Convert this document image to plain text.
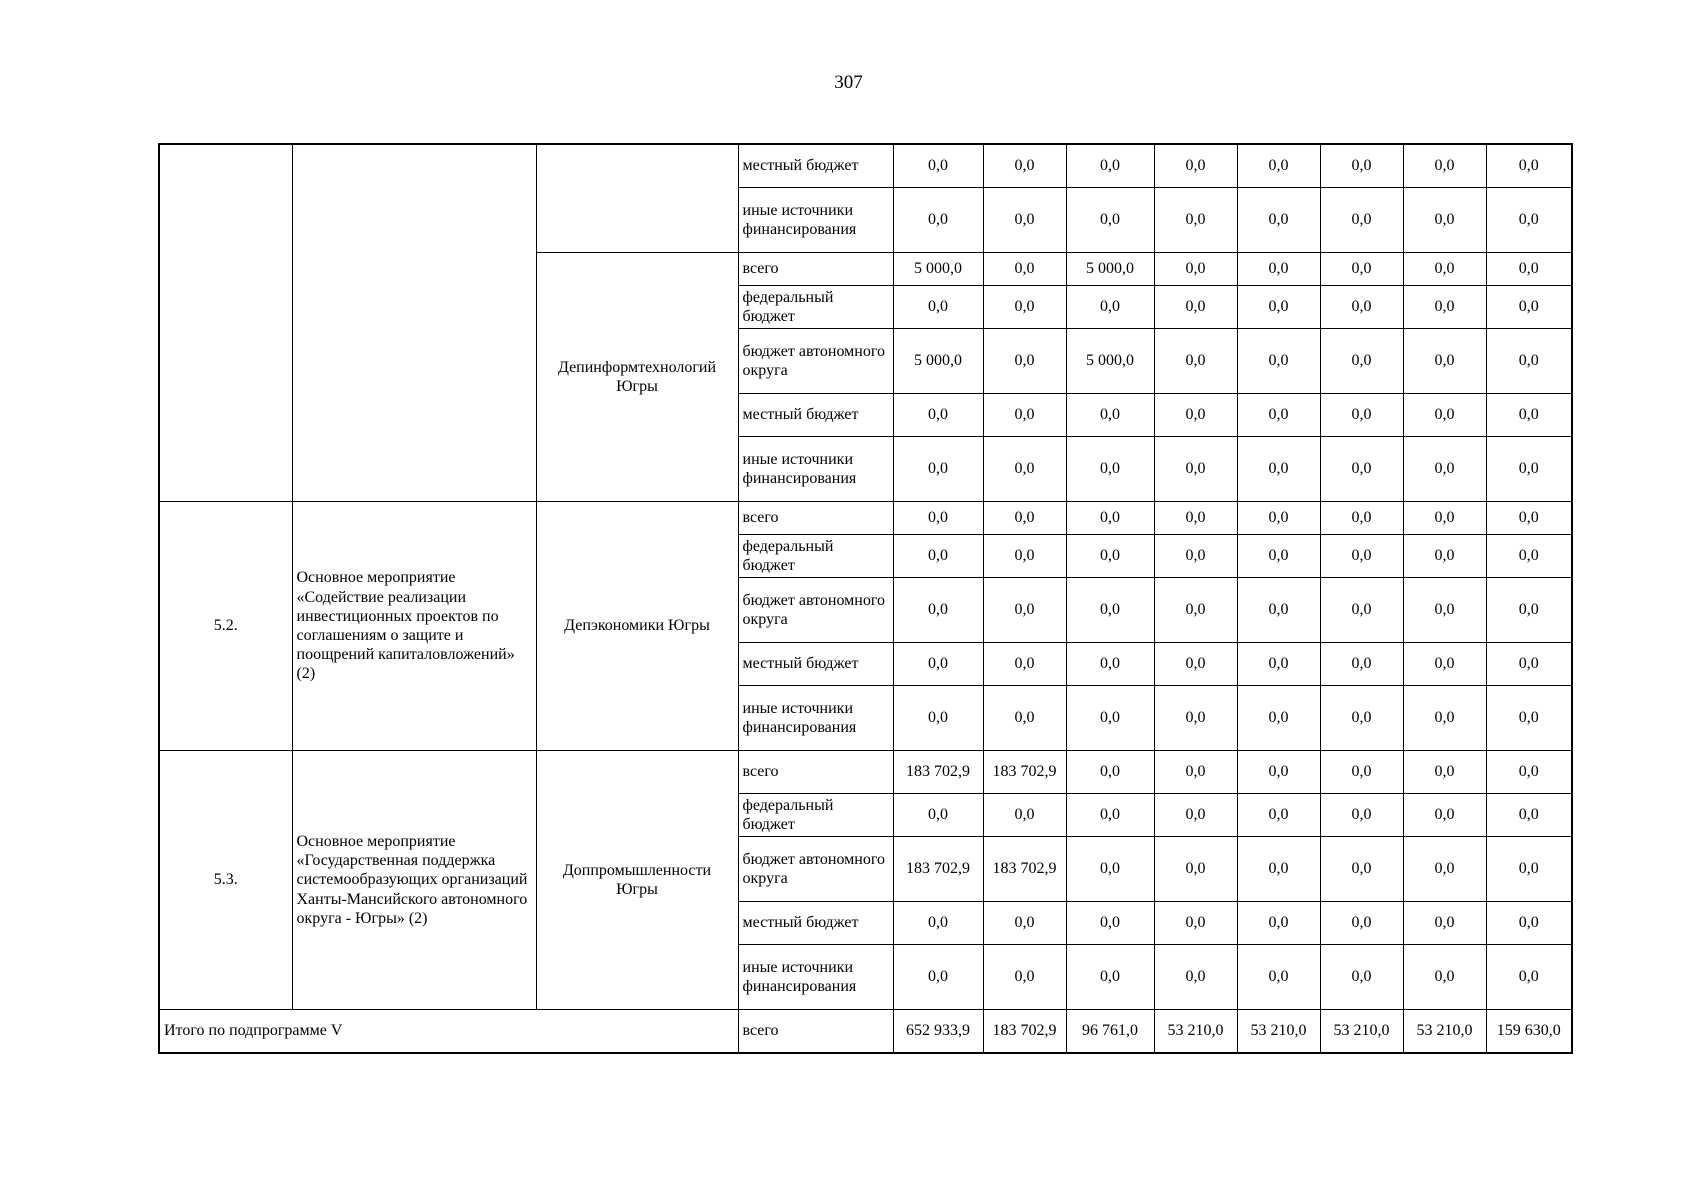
307
			местный бюджет	0,0	0,0	0,0	0,0	0,0	0,0	0,0	0,0
			иные источники финансирования	0,0	0,0	0,0	0,0	0,0	0,0	0,0	0,0
		Депинформтехнологий Югры	всего	5 000,0	0,0	5 000,0	0,0	0,0	0,0	0,0	0,0
			федеральный бюджет	0,0	0,0	0,0	0,0	0,0	0,0	0,0	0,0
			бюджет автономного округа	5 000,0	0,0	5 000,0	0,0	0,0	0,0	0,0	0,0
			местный бюджет	0,0	0,0	0,0	0,0	0,0	0,0	0,0	0,0
			иные источники финансирования	0,0	0,0	0,0	0,0	0,0	0,0	0,0	0,0
5.2.	Основное мероприятие «Содействие реализации инвестиционных проектов по соглашениям о защите и поощрений капиталовложений» (2)	Депэкономики Югры	всего	0,0	0,0	0,0	0,0	0,0	0,0	0,0	0,0
			федеральный бюджет	0,0	0,0	0,0	0,0	0,0	0,0	0,0	0,0
			бюджет автономного округа	0,0	0,0	0,0	0,0	0,0	0,0	0,0	0,0
			местный бюджет	0,0	0,0	0,0	0,0	0,0	0,0	0,0	0,0
			иные источники финансирования	0,0	0,0	0,0	0,0	0,0	0,0	0,0	0,0
5.3.	Основное мероприятие «Государственная поддержка системообразующих организаций Ханты-Мансийского автономного округа - Югры» (2)	Доппромышленности Югры	всего	183 702,9	183 702,9	0,0	0,0	0,0	0,0	0,0	0,0
			федеральный бюджет	0,0	0,0	0,0	0,0	0,0	0,0	0,0	0,0
			бюджет автономного округа	183 702,9	183 702,9	0,0	0,0	0,0	0,0	0,0	0,0
			местный бюджет	0,0	0,0	0,0	0,0	0,0	0,0	0,0	0,0
			иные источники финансирования	0,0	0,0	0,0	0,0	0,0	0,0	0,0	0,0
Итого по подпрограмме V			всего	652 933,9	183 702,9	96 761,0	53 210,0	53 210,0	53 210,0	53 210,0	159 630,0
